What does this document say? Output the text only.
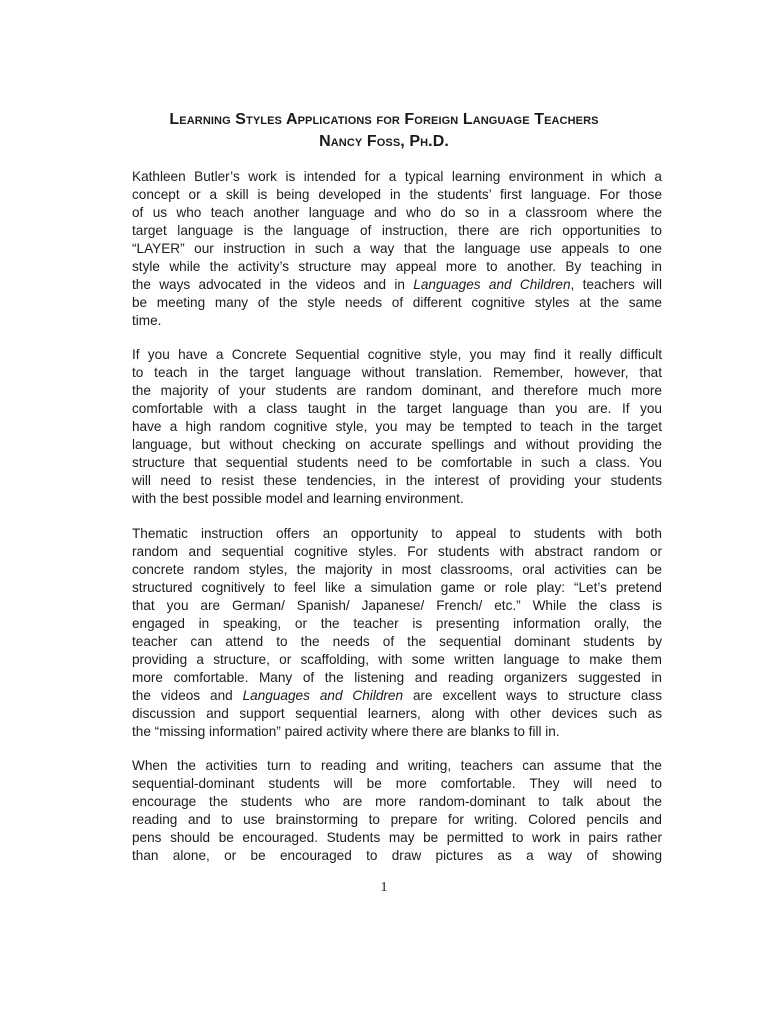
Learning Styles Applications for Foreign Language Teachers
Nancy Foss, Ph.D.
Kathleen Butler’s work is intended for a typical learning environment in which a
concept or a skill is being developed in the students’ first language. For those
of us who teach another language and who do so in a classroom where the
target language is the language of instruction, there are rich opportunities to
“LAYER” our instruction in such a way that the language use appeals to one
style while the activity’s structure may appeal more to another. By teaching in
the ways advocated in the videos and in Languages and Children, teachers will
be meeting many of the style needs of different cognitive styles at the same
time.
If you have a Concrete Sequential cognitive style, you may find it really difficult
to teach in the target language without translation. Remember, however, that
the majority of your students are random dominant, and therefore much more
comfortable with a class taught in the target language than you are. If you
have a high random cognitive style, you may be tempted to teach in the target
language, but without checking on accurate spellings and without providing the
structure that sequential students need to be comfortable in such a class. You
will need to resist these tendencies, in the interest of providing your students
with the best possible model and learning environment.
Thematic instruction offers an opportunity to appeal to students with both
random and sequential cognitive styles. For students with abstract random or
concrete random styles, the majority in most classrooms, oral activities can be
structured cognitively to feel like a simulation game or role play: “Let’s pretend
that you are German/ Spanish/ Japanese/ French/ etc.” While the class is
engaged in speaking, or the teacher is presenting information orally, the
teacher can attend to the needs of the sequential dominant students by
providing a structure, or scaffolding, with some written language to make them
more comfortable. Many of the listening and reading organizers suggested in
the videos and Languages and Children are excellent ways to structure class
discussion and support sequential learners, along with other devices such as
the “missing information” paired activity where there are blanks to fill in.
When the activities turn to reading and writing, teachers can assume that the
sequential-dominant students will be more comfortable. They will need to
encourage the students who are more random-dominant to talk about the
reading and to use brainstorming to prepare for writing. Colored pencils and
pens should be encouraged. Students may be permitted to work in pairs rather
than alone, or be encouraged to draw pictures as a way of showing
1
